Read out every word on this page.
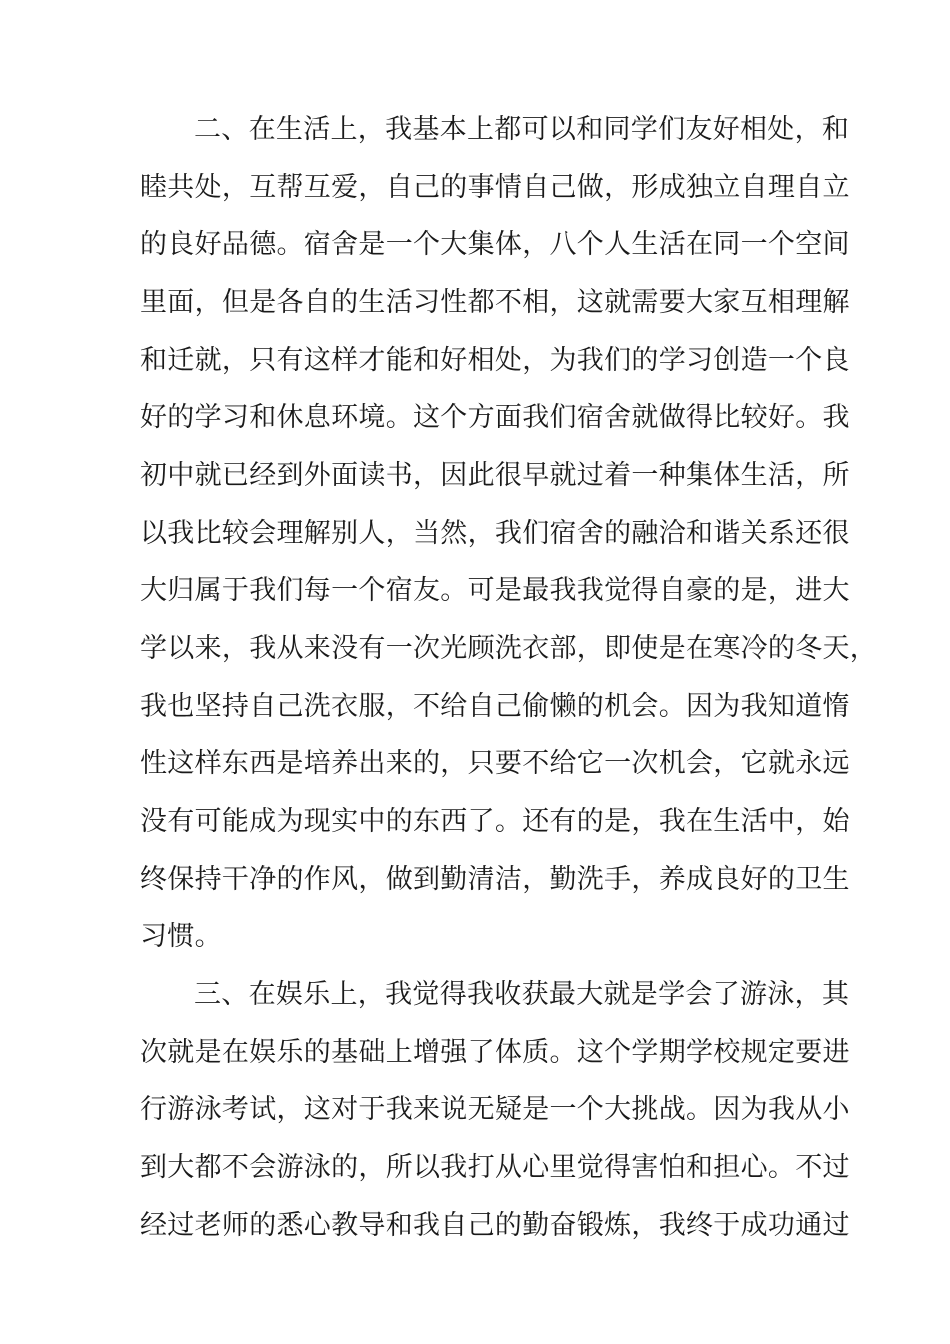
二、在生活上，我基本上都可以和同学们友好相处，和
睦共处，互帮互爱，自己的事情自己做，形成独立自理自立
的良好品德。宿舍是一个大集体，八个人生活在同一个空间
里面，但是各自的生活习性都不相，这就需要大家互相理解
和迁就，只有这样才能和好相处，为我们的学习创造一个良
好的学习和休息环境。这个方面我们宿舍就做得比较好。我
初中就已经到外面读书，因此很早就过着一种集体生活，所
以我比较会理解别人，当然，我们宿舍的融洽和谐关系还很
大归属于我们每一个宿友。可是最我我觉得自豪的是，进大
学以来，我从来没有一次光顾洗衣部，即使是在寒冷的冬天，
我也坚持自己洗衣服，不给自己偷懒的机会。因为我知道惰
性这样东西是培养出来的，只要不给它一次机会，它就永远
没有可能成为现实中的东西了。还有的是，我在生活中，始
终保持干净的作风，做到勤清洁，勤洗手，养成良好的卫生
习惯。
三、在娱乐上，我觉得我收获最大就是学会了游泳，其
次就是在娱乐的基础上增强了体质。这个学期学校规定要进
行游泳考试，这对于我来说无疑是一个大挑战。因为我从小
到大都不会游泳的，所以我打从心里觉得害怕和担心。不过
经过老师的悉心教导和我自己的勤奋锻炼，我终于成功通过
